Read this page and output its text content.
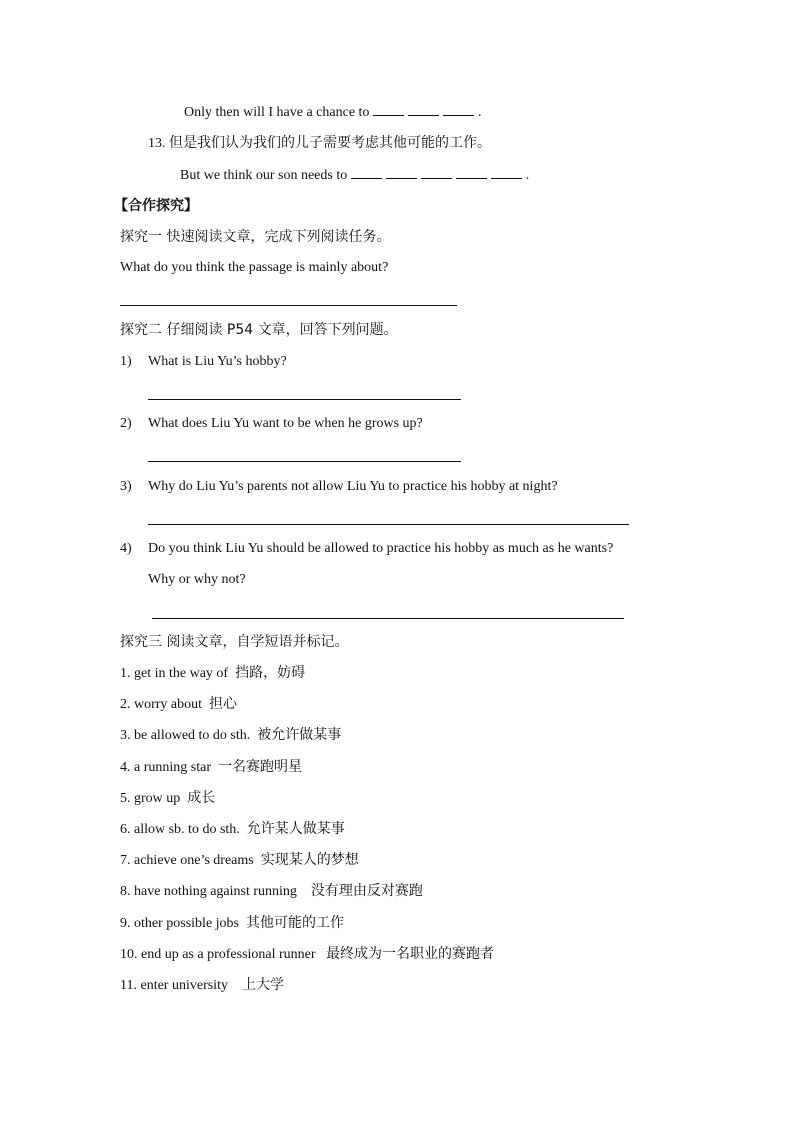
Only then will I have a chance to	.
13. 但是我们认为我们的儿子需要考虑其他可能的工作。
But we think our son needs to	.
【合作探究】
探究一 快速阅读文章，完成下列阅读任务。
What do you think the passage is mainly about?
探究二 仔细阅读 P54 文章，回答下列问题。
1) What is Liu Yu’s hobby?
2) What does Liu Yu want to be when he grows up?
3) Why do Liu Yu’s parents not allow Liu Yu to practice his hobby at night?
4) Do you think Liu Yu should be allowed to practice his hobby as much as he wants?
Why or why not?
探究三 阅读文章，自学短语并标记。
1. get in the way of 挡路，妨碍
2. worry about 担心
3. be allowed to do sth. 被允许做某事
4. a running star 一名赛跑明星
5. grow up 成长
6. allow sb. to do sth. 允许某人做某事
7. achieve one’s dreams 实现某人的梦想
8. have nothing against running 没有理由反对赛跑
9. other possible jobs 其他可能的工作
10. end up as a professional runner 最终成为一名职业的赛跑者
11. enter university 上大学
